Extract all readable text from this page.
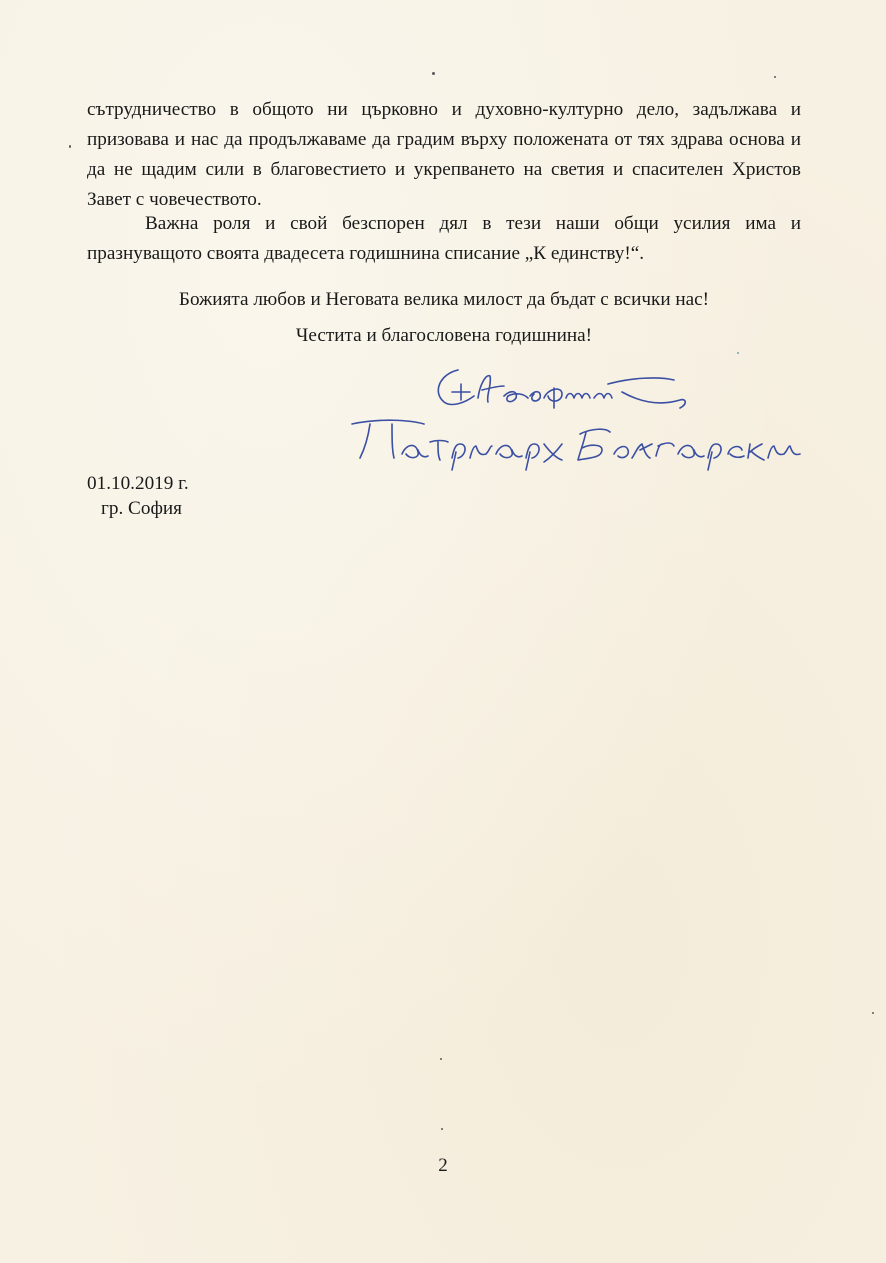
сътрудничество в общото ни църковно и духовно-културно дело, задължава и призовава и нас да продължаваме да градим върху положената от тях здрава основа и да не щадим сили в благовестието и укрепването на светия и спасителен Христов Завет с човечеството.

Важна роля и свой безспорен дял в тези наши общи усилия има и празнуващото своята двадесета годишнина списание „К единству!“.

Божията любов и Неговата велика милост да бъдат с всички нас!

Честита и благословена годишнина!

01.10.2019 г.
гр. София
2
